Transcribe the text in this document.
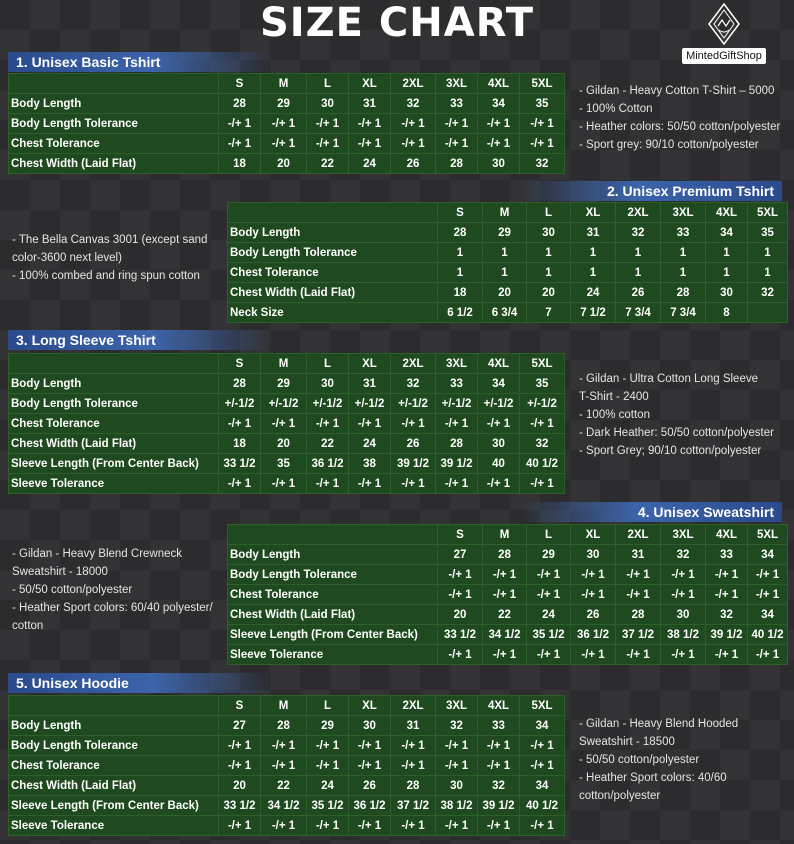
SIZE CHART
MintedGiftShop
1. Unisex Basic Tshirt
	S	M	L	XL	2XL	3XL	4XL	5XL
Body Length	28	29	30	31	32	33	34	35
Body Length Tolerance	-/+ 1	-/+ 1	-/+ 1	-/+ 1	-/+ 1	-/+ 1	-/+ 1	-/+ 1
Chest Tolerance	-/+ 1	-/+ 1	-/+ 1	-/+ 1	-/+ 1	-/+ 1	-/+ 1	-/+ 1
Chest Width (Laid Flat)	18	20	22	24	26	28	30	32
- Gildan - Heavy Cotton T-Shirt – 5000
- 100% Cotton
- Heather colors: 50/50 cotton/polyester
- Sport grey: 90/10 cotton/polyester
2. Unisex Premium Tshirt
	S	M	L	XL	2XL	3XL	4XL	5XL
Body Length	28	29	30	31	32	33	34	35
Body Length Tolerance	1	1	1	1	1	1	1	1
Chest Tolerance	1	1	1	1	1	1	1	1
Chest Width (Laid Flat)	18	20	20	24	26	28	30	32
Neck Size	6 1/2	6 3/4	7	7 1/2	7 3/4	7 3/4	8	
- The Bella Canvas 3001 (except sand
color-3600 next level)
- 100% combed and ring spun cotton
3. Long Sleeve Tshirt
	S	M	L	XL	2XL	3XL	4XL	5XL
Body Length	28	29	30	31	32	33	34	35
Body Length Tolerance	+/-1/2	+/-1/2	+/-1/2	+/-1/2	+/-1/2	+/-1/2	+/-1/2	+/-1/2
Chest Tolerance	-/+ 1	-/+ 1	-/+ 1	-/+ 1	-/+ 1	-/+ 1	-/+ 1	-/+ 1
Chest Width (Laid Flat)	18	20	22	24	26	28	30	32
Sleeve Length (From Center Back)	33 1/2	35	36 1/2	38	39 1/2	39 1/2	40	40 1/2
Sleeve Tolerance	-/+ 1	-/+ 1	-/+ 1	-/+ 1	-/+ 1	-/+ 1	-/+ 1	-/+ 1
- Gildan - Ultra Cotton Long Sleeve
T-Shirt - 2400
- 100% cotton
- Dark Heather: 50/50 cotton/polyester
- Sport Grey; 90/10 cotton/polyester
4. Unisex Sweatshirt
	S	M	L	XL	2XL	3XL	4XL	5XL
Body Length	27	28	29	30	31	32	33	34
Body Length Tolerance	-/+ 1	-/+ 1	-/+ 1	-/+ 1	-/+ 1	-/+ 1	-/+ 1	-/+ 1
Chest Tolerance	-/+ 1	-/+ 1	-/+ 1	-/+ 1	-/+ 1	-/+ 1	-/+ 1	-/+ 1
Chest Width (Laid Flat)	20	22	24	26	28	30	32	34
Sleeve Length (From Center Back)	33 1/2	34 1/2	35 1/2	36 1/2	37 1/2	38 1/2	39 1/2	40 1/2
Sleeve Tolerance	-/+ 1	-/+ 1	-/+ 1	-/+ 1	-/+ 1	-/+ 1	-/+ 1	-/+ 1
- Gildan - Heavy Blend Crewneck
Sweatshirt - 18000
- 50/50 cotton/polyester
- Heather Sport colors: 60/40 polyester/
cotton
5. Unisex Hoodie
	S	M	L	XL	2XL	3XL	4XL	5XL
Body Length	27	28	29	30	31	32	33	34
Body Length Tolerance	-/+ 1	-/+ 1	-/+ 1	-/+ 1	-/+ 1	-/+ 1	-/+ 1	-/+ 1
Chest Tolerance	-/+ 1	-/+ 1	-/+ 1	-/+ 1	-/+ 1	-/+ 1	-/+ 1	-/+ 1
Chest Width (Laid Flat)	20	22	24	26	28	30	32	34
Sleeve Length (From Center Back)	33 1/2	34 1/2	35 1/2	36 1/2	37 1/2	38 1/2	39 1/2	40 1/2
Sleeve Tolerance	-/+ 1	-/+ 1	-/+ 1	-/+ 1	-/+ 1	-/+ 1	-/+ 1	-/+ 1
- Gildan - Heavy Blend Hooded
Sweatshirt - 18500
- 50/50 cotton/polyester
- Heather Sport colors: 40/60
cotton/polyester
